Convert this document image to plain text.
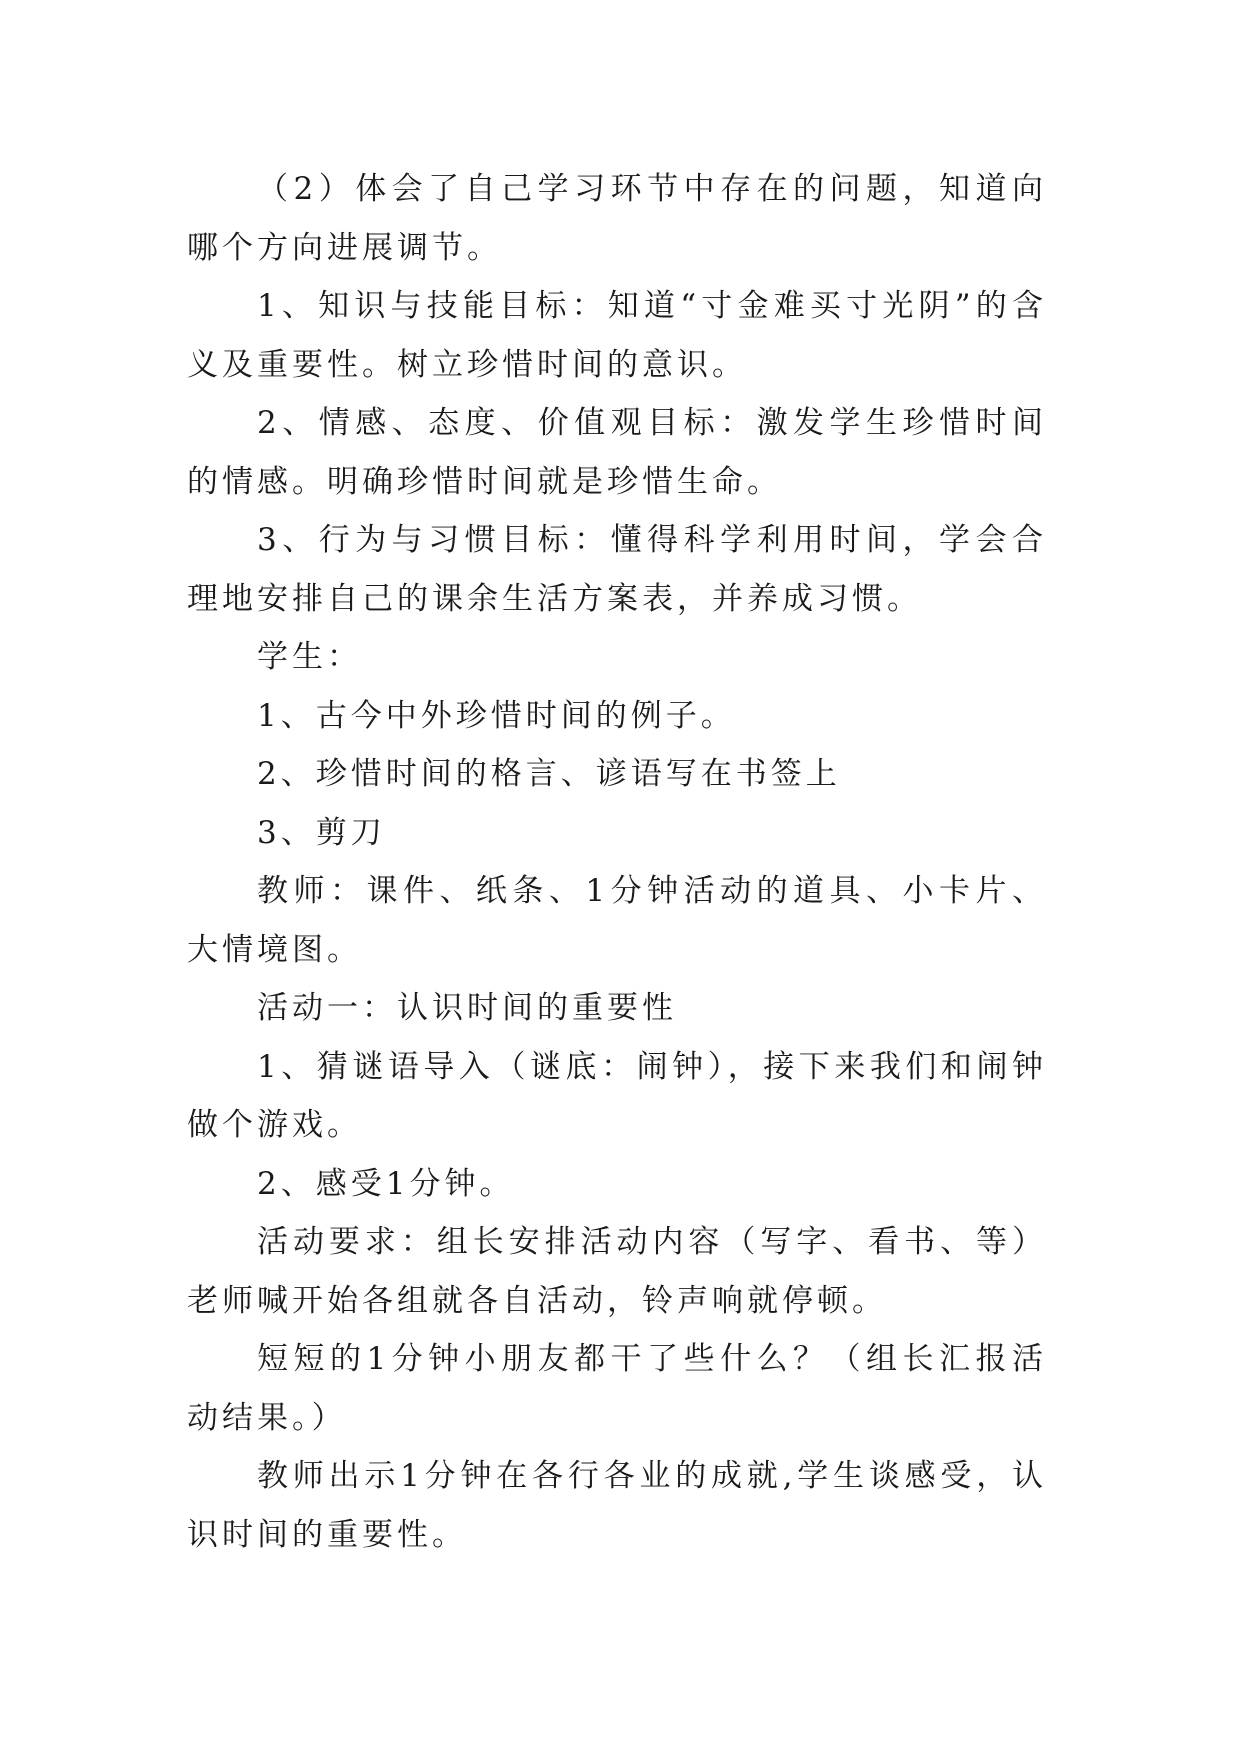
（2）体会了自己学习环节中存在的问题，知道向哪个方向进展调节。

1、知识与技能目标：知道“寸金难买寸光阴”的含义及重要性。树立珍惜时间的意识。

2、情感、态度、价值观目标：激发学生珍惜时间的情感。明确珍惜时间就是珍惜生命。

3、行为与习惯目标：懂得科学利用时间，学会合理地安排自己的课余生活方案表，并养成习惯。

学生：

1、古今中外珍惜时间的例子。

2、珍惜时间的格言、谚语写在书签上

3、剪刀

教师：课件、纸条、1分钟活动的道具、小卡片、大情境图。

活动一：认识时间的重要性

1、猜谜语导入（谜底：闹钟），接下来我们和闹钟做个游戏。

2、感受1分钟。

活动要求：组长安排活动内容（写字、看书、等）老师喊开始各组就各自活动，铃声响就停顿。

短短的1分钟小朋友都干了些什么？（组长汇报活动结果。）

教师出示1分钟在各行各业的成就,学生谈感受，认识时间的重要性。
